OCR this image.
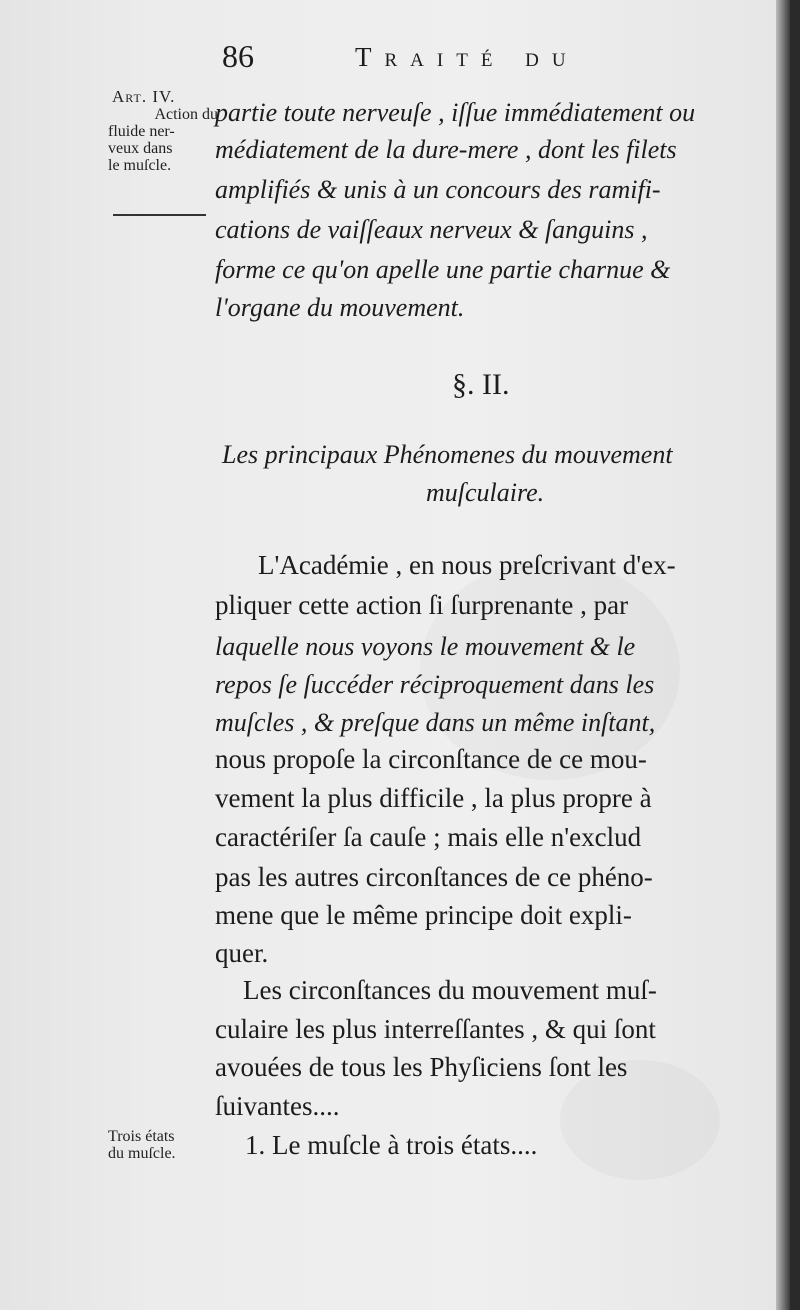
86	Traité du
Art. IV.
Action du
fluide ner-
veux dans
le muſcle.
partie toute nerveuſe , iſſue immédiatement ou
médiatement de la dure-mere , dont les filets
amplifiés & unis à un concours des ramifi-
cations de vaiſſeaux nerveux & ſanguins ,
forme ce qu'on apelle une partie charnue &
l'organe du mouvement.
§. II.
Les principaux Phénomenes du mouvement
muſculaire.
L'Académie , en nous preſcrivant d'ex-
pliquer cette action ſi ſurprenante , par
laquelle nous voyons le mouvement & le
repos ſe ſuccéder réciproquement dans les
muſcles , & preſque dans un même inſtant,
nous propoſe la circonſtance de ce mou-
vement la plus difficile , la plus propre à
caractériſer ſa cauſe ; mais elle n'exclud
pas les autres circonſtances de ce phéno-
mene que le même principe doit expli-
quer.
Les circonſtances du mouvement muſ-
culaire les plus interreſſantes , & qui ſont
avouées de tous les Phyſiciens ſont les
ſuivantes....
Trois états
du muſcle.	1. Le muſcle à trois états....
